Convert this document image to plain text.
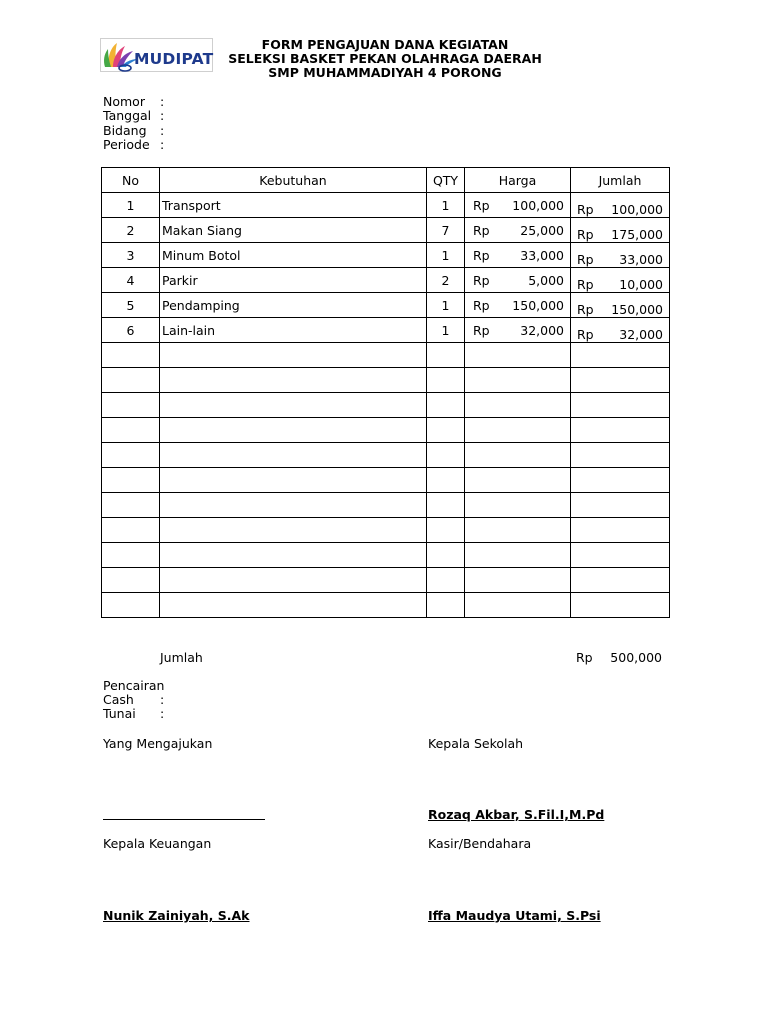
MUDIPAT
FORM PENGAJUAN DANA KEGIATAN
SELEKSI BASKET PEKAN OLAHRAGA DAERAH
SMP MUHAMMADIYAH 4 PORONG
Nomor	:
Tanggal :
Bidang	:
Periode :
No	Kebutuhan	QTY	Harga	Jumlah
1	Transport	1	Rp 100,000	Rp 100,000

2	Makan Siang	7	Rp 25,000	Rp 175,000

3	Minum Botol	1	Rp 33,000	Rp 33,000

4	Parkir	2	Rp 5,000	Rp 10,000

5	Pendamping	1	Rp 150,000	Rp 150,000

6	Lain-lain	1	Rp 32,000	Rp 32,000

Jumlah	Rp	500,000
Pencairan
Cash :
Tunai :
Yang Mengajukan	Kepala Sekolah
Rozaq Akbar, S.Fil.I,M.Pd
Kepala Keuangan	Kasir/Bendahara
Nunik Zainiyah, S.Ak	Iffa Maudya Utami, S.Psi
